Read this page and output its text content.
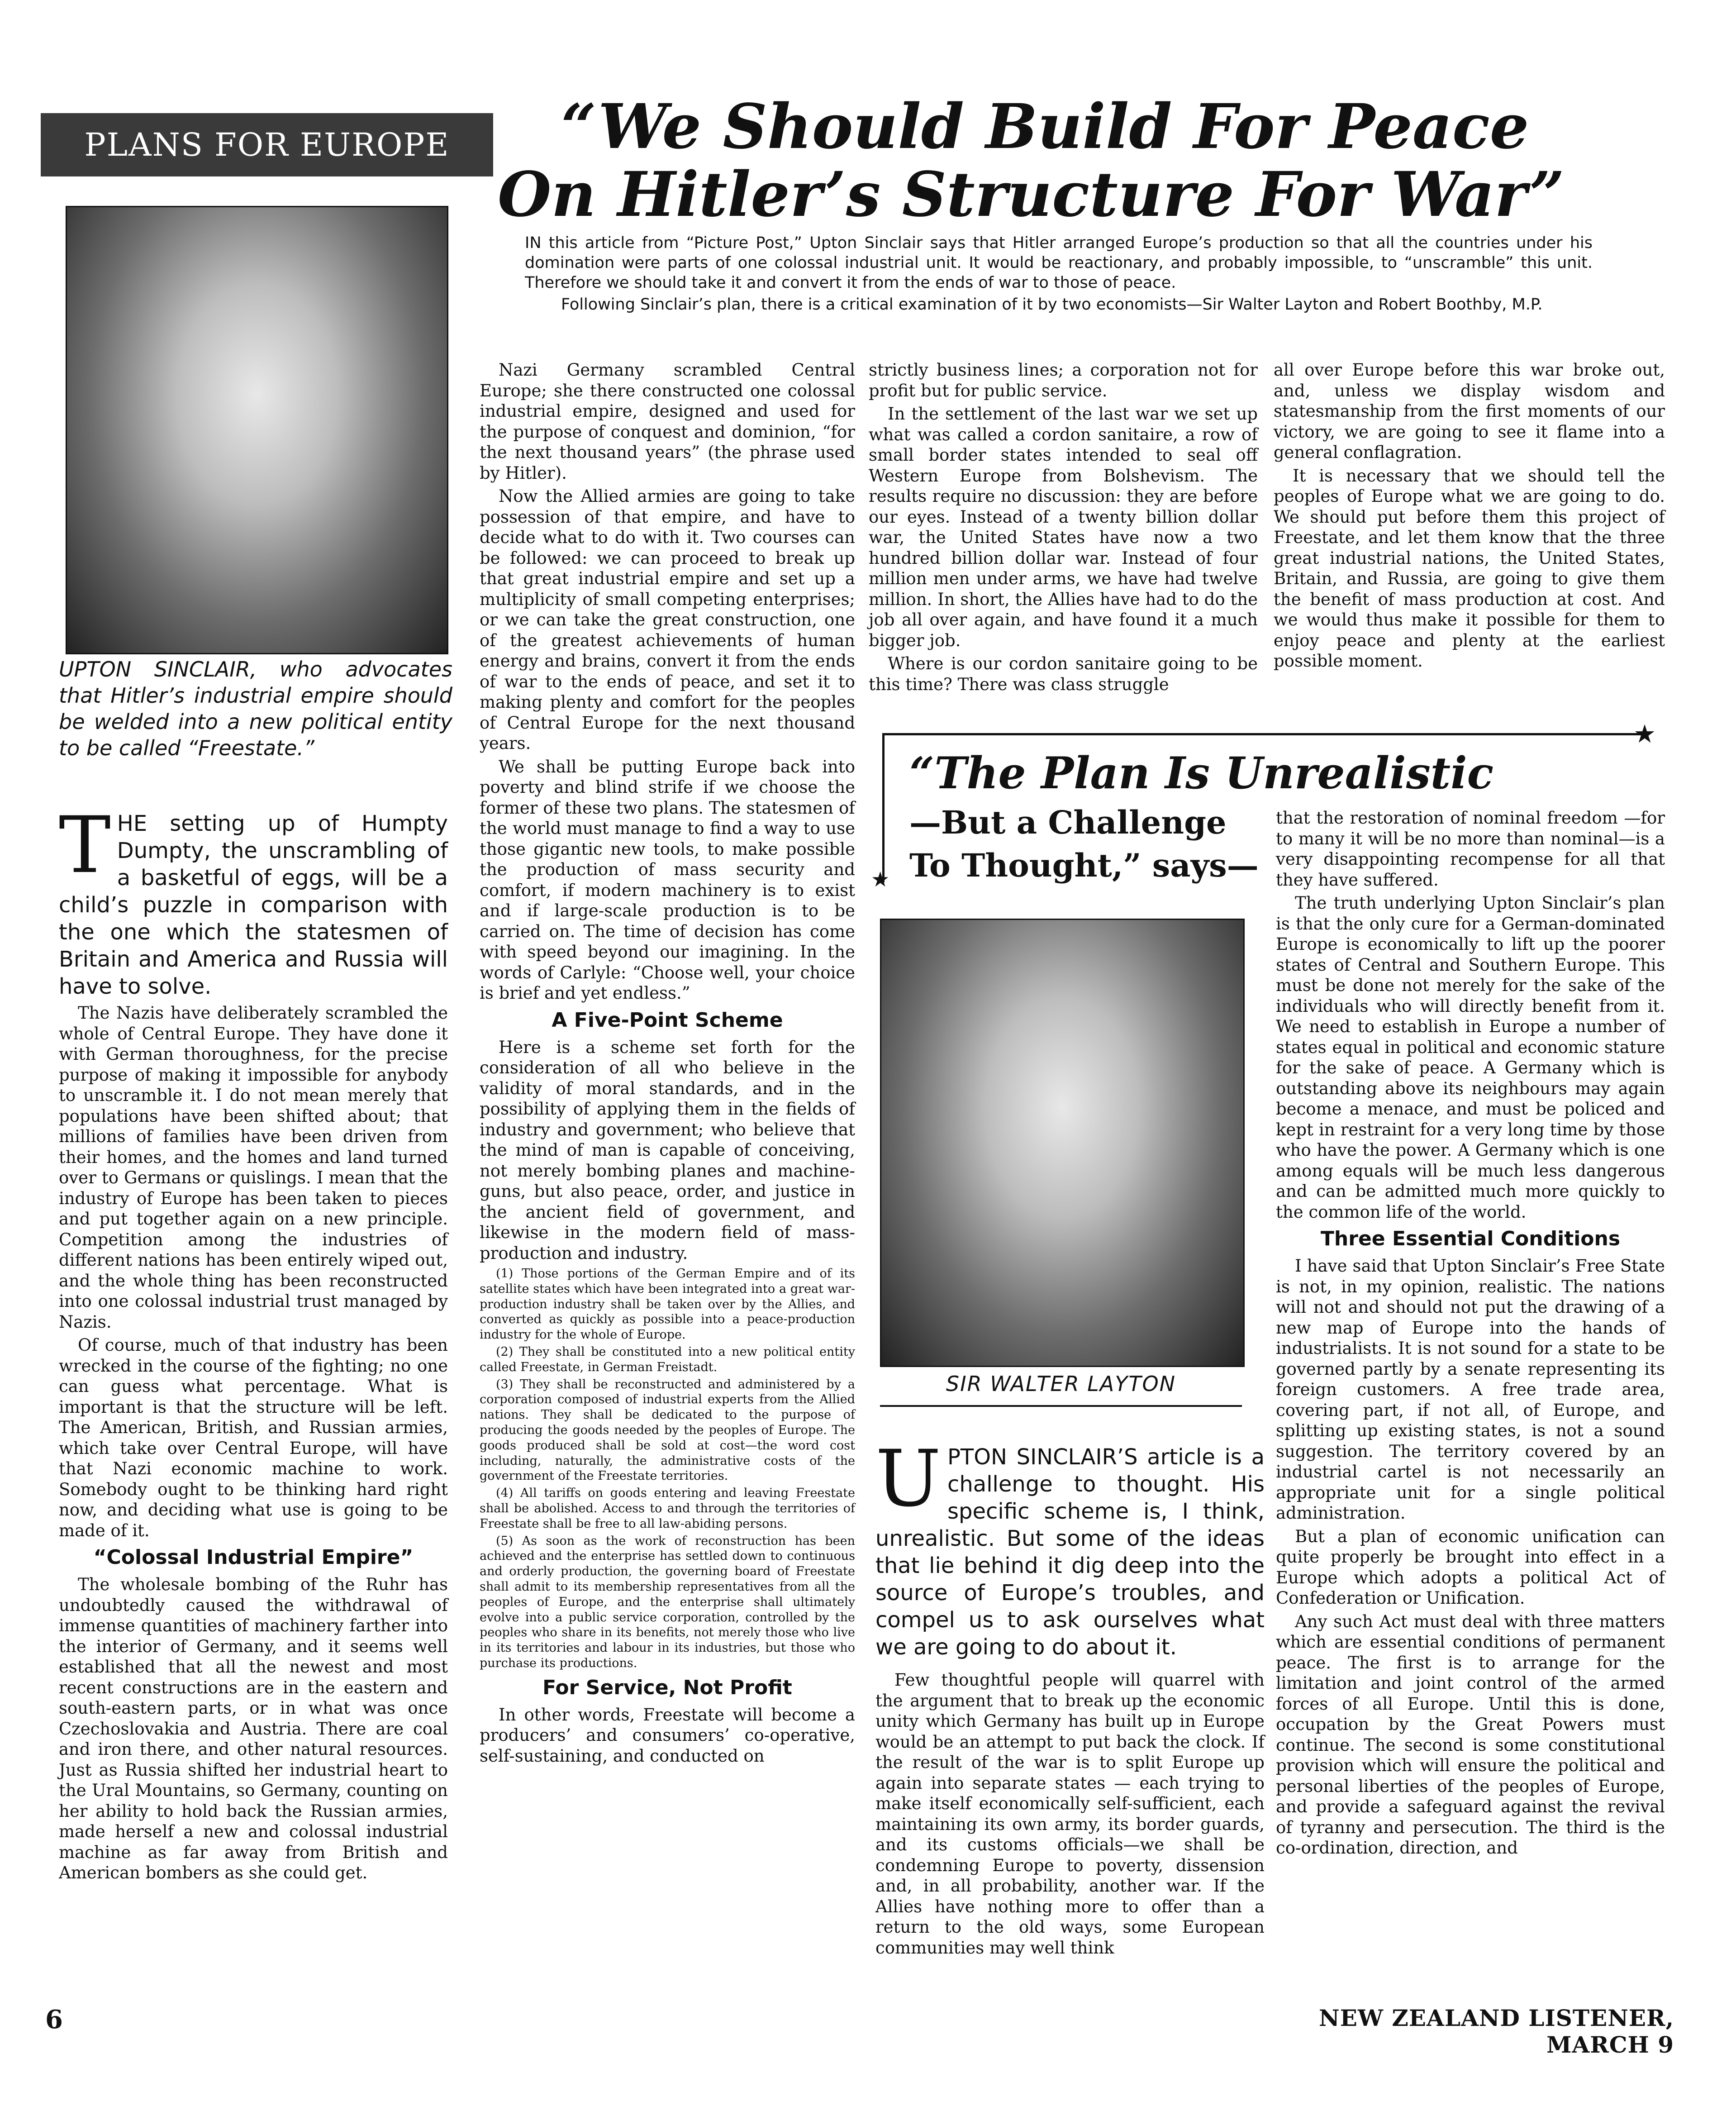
PLANS FOR EUROPE “We Should Build For Peace
On Hitler’s Structure For War”
IN this article from “Picture Post,” Upton Sinclair says that Hitler arranged Europe’s production so that all the countries under his domination were parts of one colossal industrial unit. It would be reactionary, and probably impossible, to “unscramble” this unit. Therefore we should take it and convert it from the ends of war to those of peace.
Following Sinclair’s plan, there is a critical examination of it by two economists—Sir Walter Layton and Robert Boothby, M.P.
UPTON SINCLAIR, who advocates that Hitler’s industrial empire should be welded into a new political entity to be called “Freestate.”
T HE setting up of Humpty Dumpty, the unscrambling of a basketful of eggs, will be a child’s puzzle in comparison with the one which the statesmen of Britain and America and Russia will have to solve.

The Nazis have deliberately scrambled the whole of Central Europe. They have done it with German thoroughness, for the precise purpose of making it impossible for anybody to unscramble it. I do not mean merely that populations have been shifted about; that millions of families have been driven from their homes, and the homes and land turned over to Germans or quislings. I mean that the industry of Europe has been taken to pieces and put together again on a new principle. Competition among the industries of different nations has been entirely wiped out, and the whole thing has been reconstructed into one colossal industrial trust managed by Nazis.

Of course, much of that industry has been wrecked in the course of the fighting; no one can guess what percentage. What is important is that the structure will be left. The American, British, and Russian armies, which take over Central Europe, will have that Nazi economic machine to work. Somebody ought to be thinking hard right now, and deciding what use is going to be made of it.

“Colossal Industrial Empire”

The wholesale bombing of the Ruhr has undoubtedly caused the withdrawal of immense quantities of machinery farther into the interior of Germany, and it seems well established that all the newest and most recent constructions are in the eastern and south-eastern parts, or in what was once Czechoslovakia and Austria. There are coal and iron there, and other natural resources. Just as Russia shifted her industrial heart to the Ural Mountains, so Germany, counting on her ability to hold back the Russian armies, made herself a new and colossal industrial machine as far away from British and American bombers as she could get.

Nazi Germany scrambled Central Europe; she there constructed one colossal industrial empire, designed and used for the purpose of conquest and dominion, “for the next thousand years” (the phrase used by Hitler).

Now the Allied armies are going to take possession of that empire, and have to decide what to do with it. Two courses can be followed: we can proceed to break up that great industrial empire and set up a multiplicity of small competing enterprises; or we can take the great construction, one of the greatest achievements of human energy and brains, convert it from the ends of war to the ends of peace, and set it to making plenty and comfort for the peoples of Central Europe for the next thousand years.

We shall be putting Europe back into poverty and blind strife if we choose the former of these two plans. The statesmen of the world must manage to find a way to use those gigantic new tools, to make possible the production of mass security and comfort, if modern machinery is to exist and if large-scale production is to be carried on. The time of decision has come with speed beyond our imagining. In the words of Carlyle: “Choose well, your choice is brief and yet endless.”

A Five-Point Scheme

Here is a scheme set forth for the consideration of all who believe in the validity of moral standards, and in the possibility of applying them in the fields of industry and government; who believe that the mind of man is capable of conceiving, not merely bombing planes and machine-guns, but also peace, order, and justice in the ancient field of government, and likewise in the modern field of mass-production and industry.

(1) Those portions of the German Empire and of its satellite states which have been integrated into a great war-production industry shall be taken over by the Allies, and converted as quickly as possible into a peace-production industry for the whole of Europe.

(2) They shall be constituted into a new political entity called Freestate, in German Freistadt.

(3) They shall be reconstructed and administered by a corporation composed of industrial experts from the Allied nations. They shall be dedicated to the purpose of producing the goods needed by the peoples of Europe. The goods produced shall be sold at cost—the word cost including, naturally, the administrative costs of the government of the Freestate territories.

(4) All tariffs on goods entering and leaving Freestate shall be abolished. Access to and through the territories of Freestate shall be free to all law-abiding persons.

(5) As soon as the work of reconstruction has been achieved and the enterprise has settled down to continuous and orderly production, the governing board of Freestate shall admit to its membership representatives from all the peoples of Europe, and the enterprise shall ultimately evolve into a public service corporation, controlled by the peoples who share in its benefits, not merely those who live in its territories and labour in its industries, but those who purchase its productions.

For Service, Not Profit

In other words, Freestate will become a producers’ and consumers’ co-operative, self-sustaining, and conducted on

strictly business lines; a corporation not for profit but for public service.

In the settlement of the last war we set up what was called a cordon sanitaire, a row of small border states intended to seal off Western Europe from Bolshevism. The results require no discussion: they are before our eyes. Instead of a twenty billion dollar war, the United States have now a two hundred billion dollar war. Instead of four million men under arms, we have had twelve million. In short, the Allies have had to do the job all over again, and have found it a much bigger job.

Where is our cordon sanitaire going to be this time? There was class struggle

all over Europe before this war broke out, and, unless we display wisdom and statesmanship from the first moments of our victory, we are going to see it flame into a general conflagration.

It is necessary that we should tell the peoples of Europe what we are going to do. We should put before them this project of Freestate, and let them know that the three great industrial nations, the United States, Britain, and Russia, are going to give them the benefit of mass production at cost. And we would thus make it possible for them to enjoy peace and plenty at the earliest possible moment.

★
★
“The Plan Is Unrealistic
—But a Challenge
To Thought,” says—
SIR WALTER LAYTON
U PTON SINCLAIR’S article is a challenge to thought. His specific scheme is, I think, unrealistic. But some of the ideas that lie behind it dig deep into the source of Europe’s troubles, and compel us to ask ourselves what we are going to do about it.

Few thoughtful people will quarrel with the argument that to break up the economic unity which Germany has built up in Europe would be an attempt to put back the clock. If the result of the war is to split Europe up again into separate states — each trying to make itself economically self-sufficient, each maintaining its own army, its border guards, and its customs officials—we shall be condemning Europe to poverty, dissension and, in all probability, another war. If the Allies have nothing more to offer than a return to the old ways, some European communities may well think

that the restoration of nominal freedom —for to many it will be no more than nominal—is a very disappointing recompense for all that they have suffered.

The truth underlying Upton Sinclair’s plan is that the only cure for a German-dominated Europe is economically to lift up the poorer states of Central and Southern Europe. This must be done not merely for the sake of the individuals who will directly benefit from it. We need to establish in Europe a number of states equal in political and economic stature for the sake of peace. A Germany which is outstanding above its neighbours may again become a menace, and must be policed and kept in restraint for a very long time by those who have the power. A Germany which is one among equals will be much less dangerous and can be admitted much more quickly to the common life of the world.

Three Essential Conditions

I have said that Upton Sinclair’s Free State is not, in my opinion, realistic. The nations will not and should not put the drawing of a new map of Europe into the hands of industrialists. It is not sound for a state to be governed partly by a senate representing its foreign customers. A free trade area, covering part, if not all, of Europe, and splitting up existing states, is not a sound suggestion. The territory covered by an industrial cartel is not necessarily an appropriate unit for a single political administration.

But a plan of economic unification can quite properly be brought into effect in a Europe which adopts a political Act of Confederation or Unification.

Any such Act must deal with three matters which are essential conditions of permanent peace. The first is to arrange for the limitation and joint control of the armed forces of all Europe. Until this is done, occupation by the Great Powers must continue. The second is some constitutional provision which will ensure the political and personal liberties of the peoples of Europe, and provide a safeguard against the revival of tyranny and persecution. The third is the co-ordination, direction, and

6	NEW ZEALAND LISTENER, MARCH 9
